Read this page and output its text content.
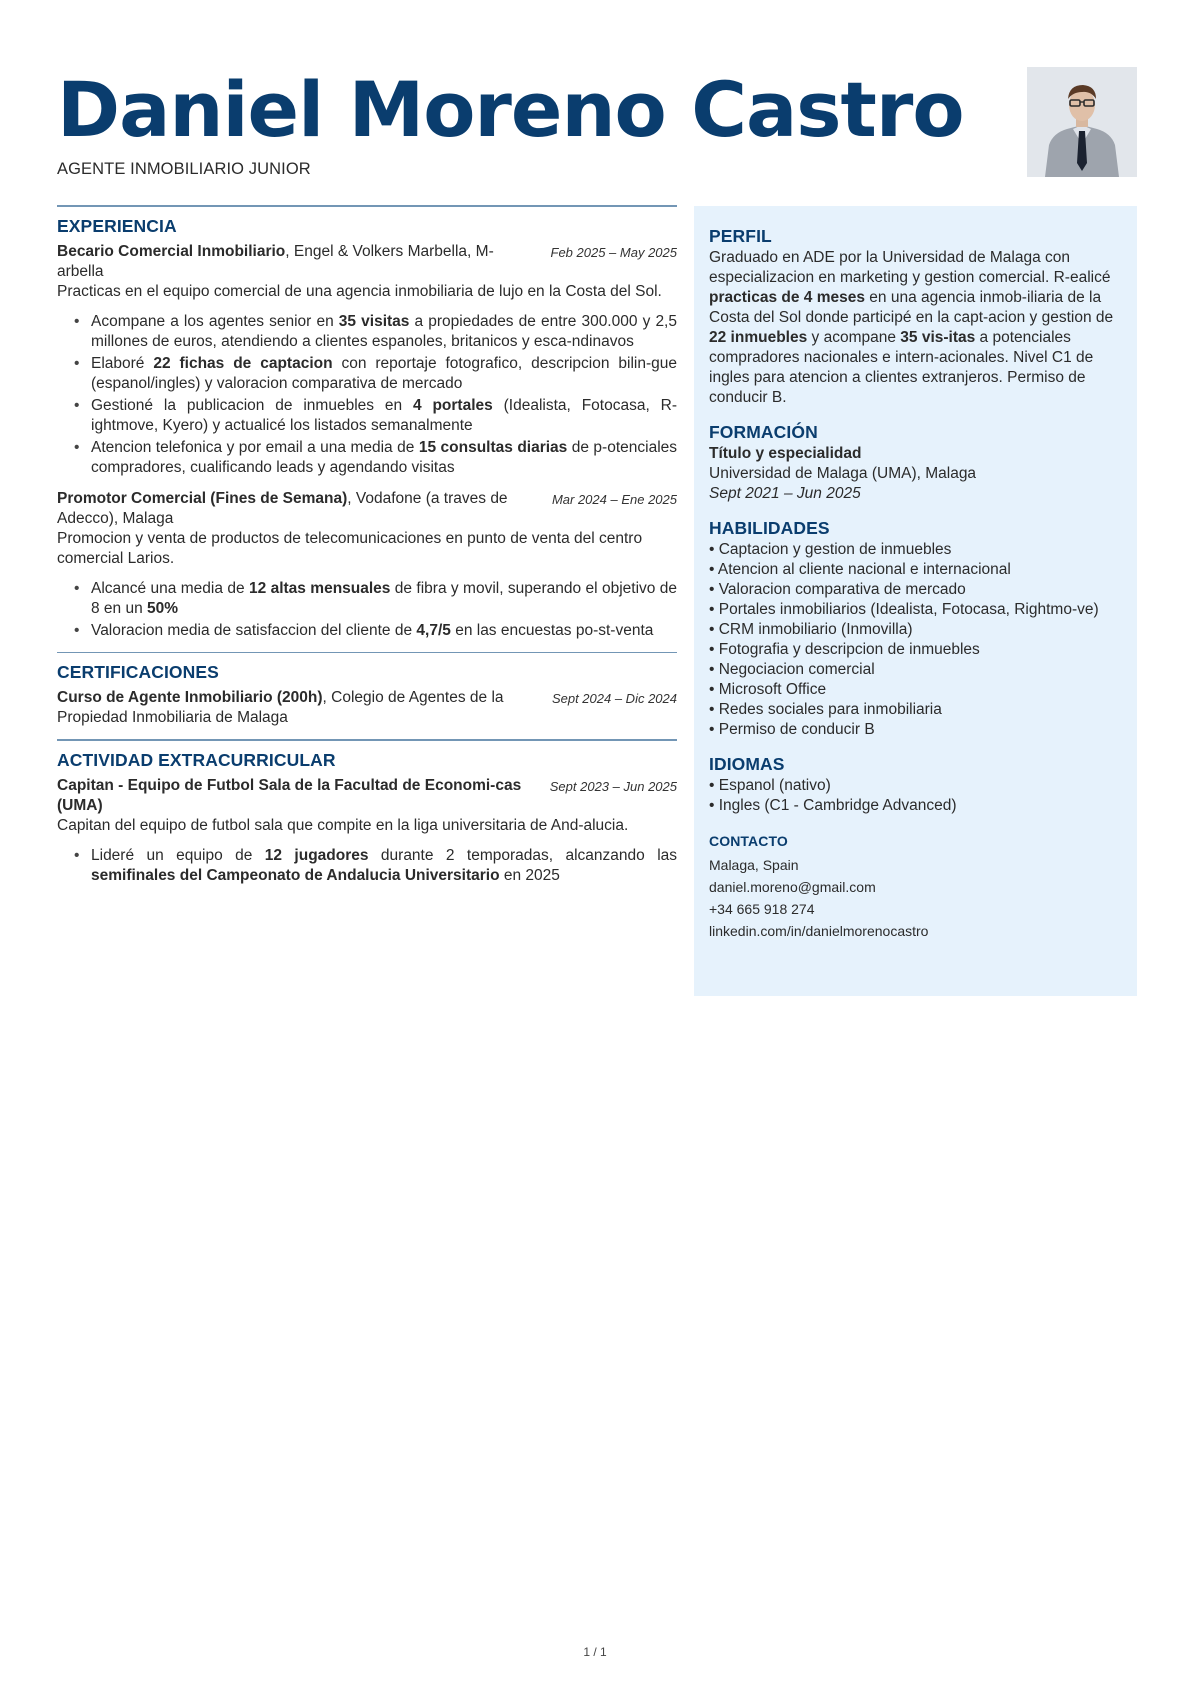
Daniel Moreno Castro
AGENTE INMOBILIARIO JUNIOR
EXPERIENCIA
Becario Comercial Inmobiliario, Engel & Volkers Marbella, M-arbella
Feb 2025 – May 2025
Practicas en el equipo comercial de una agencia inmobiliaria de lujo en la Costa del Sol.
• Acompane a los agentes senior en 35 visitas a propiedades de entre 300.000 y 2,5 millones de euros, atendiendo a clientes espanoles, britanicos y esca-ndinavos
• Elaboré 22 fichas de captacion con reportaje fotografico, descripcion bilin-gue (espanol/ingles) y valoracion comparativa de mercado
• Gestioné la publicacion de inmuebles en 4 portales (Idealista, Fotocasa, R-ightmove, Kyero) y actualicé los listados semanalmente
• Atencion telefonica y por email a una media de 15 consultas diarias de p-otenciales compradores, cualificando leads y agendando visitas
Promotor Comercial (Fines de Semana), Vodafone (a traves de Adecco), Malaga
Mar 2024 – Ene 2025
Promocion y venta de productos de telecomunicaciones en punto de venta del centro comercial Larios.
• Alcancé una media de 12 altas mensuales de fibra y movil, superando el objetivo de 8 en un 50%
• Valoracion media de satisfaccion del cliente de 4,7/5 en las encuestas po-st-venta
CERTIFICACIONES
Curso de Agente Inmobiliario (200h), Colegio de Agentes de la Propiedad Inmobiliaria de Malaga
Sept 2024 – Dic 2024
ACTIVIDAD EXTRACURRICULAR
Capitan - Equipo de Futbol Sala de la Facultad de Economi-cas (UMA)
Sept 2023 – Jun 2025
Capitan del equipo de futbol sala que compite en la liga universitaria de And-alucia.
• Lideré un equipo de 12 jugadores durante 2 temporadas, alcanzando las semifinales del Campeonato de Andalucia Universitario en 2025
PERFIL
Graduado en ADE por la Universidad de Malaga con especializacion en marketing y gestion comercial. R-ealicé practicas de 4 meses en una agencia inmob-iliaria de la Costa del Sol donde participé en la capt-acion y gestion de 22 inmuebles y acompane 35 vis-itas a potenciales compradores nacionales e intern-acionales. Nivel C1 de ingles para atencion a clientes extranjeros. Permiso de conducir B.
FORMACIÓN
Título y especialidad
Universidad de Malaga (UMA), Malaga
Sept 2021 – Jun 2025
HABILIDADES
• Captacion y gestion de inmuebles
• Atencion al cliente nacional e internacional
• Valoracion comparativa de mercado
• Portales inmobiliarios (Idealista, Fotocasa, Rightmo-ve)
• CRM inmobiliario (Inmovilla)
• Fotografia y descripcion de inmuebles
• Negociacion comercial
• Microsoft Office
• Redes sociales para inmobiliaria
• Permiso de conducir B
IDIOMAS
• Espanol (nativo)
• Ingles (C1 - Cambridge Advanced)
CONTACTO
Malaga, Spain
daniel.moreno@gmail.com
+34 665 918 274
linkedin.com/in/danielmorenocastro
1 / 1
